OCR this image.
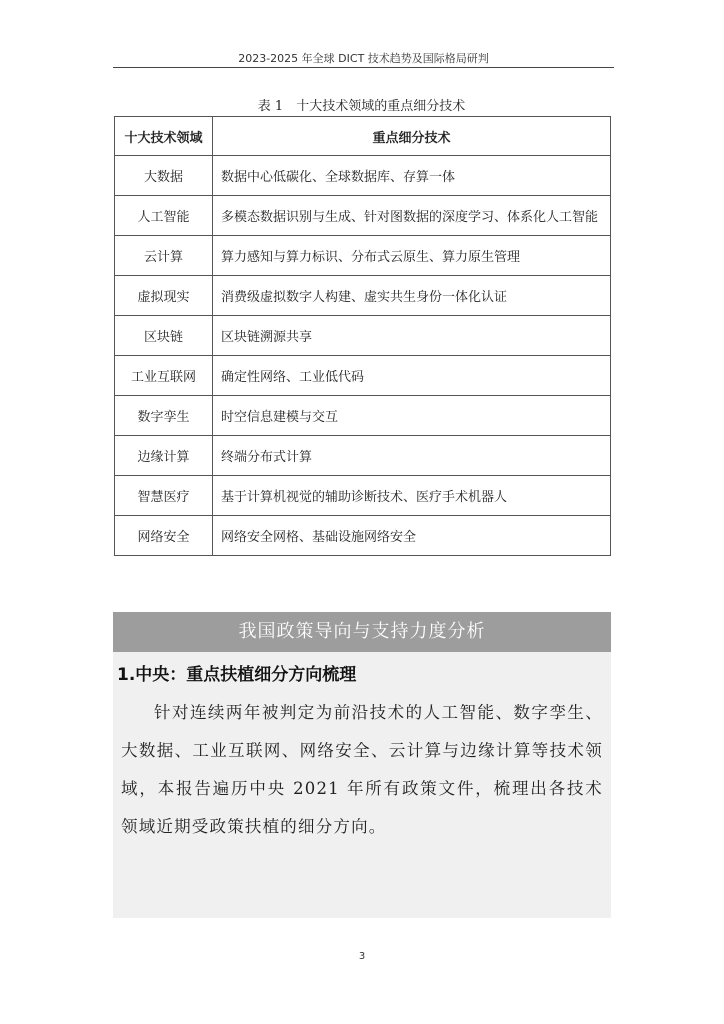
2023-2025 年全球 DICT 技术趋势及国际格局研判
表 1　十大技术领域的重点细分技术
十大技术领域	重点细分技术
大数据	数据中心低碳化、全球数据库、存算一体
人工智能	多模态数据识别与生成、针对图数据的深度学习、体系化人工智能
云计算	算力感知与算力标识、分布式云原生、算力原生管理
虚拟现实	消费级虚拟数字人构建、虚实共生身份一体化认证
区块链	区块链溯源共享
工业互联网	确定性网络、工业低代码
数字孪生	时空信息建模与交互
边缘计算	终端分布式计算
智慧医疗	基于计算机视觉的辅助诊断技术、医疗手术机器人
网络安全	网络安全网格、基础设施网络安全
我国政策导向与支持力度分析
1.中央：重点扶植细分方向梳理

针对连续两年被判定为前沿技术的人工智能、数字孪生、大数据、工业互联网、网络安全、云计算与边缘计算等技术领域，本报告遍历中央 2021 年所有政策文件，梳理出各技术领域近期受政策扶植的细分方向。

3
